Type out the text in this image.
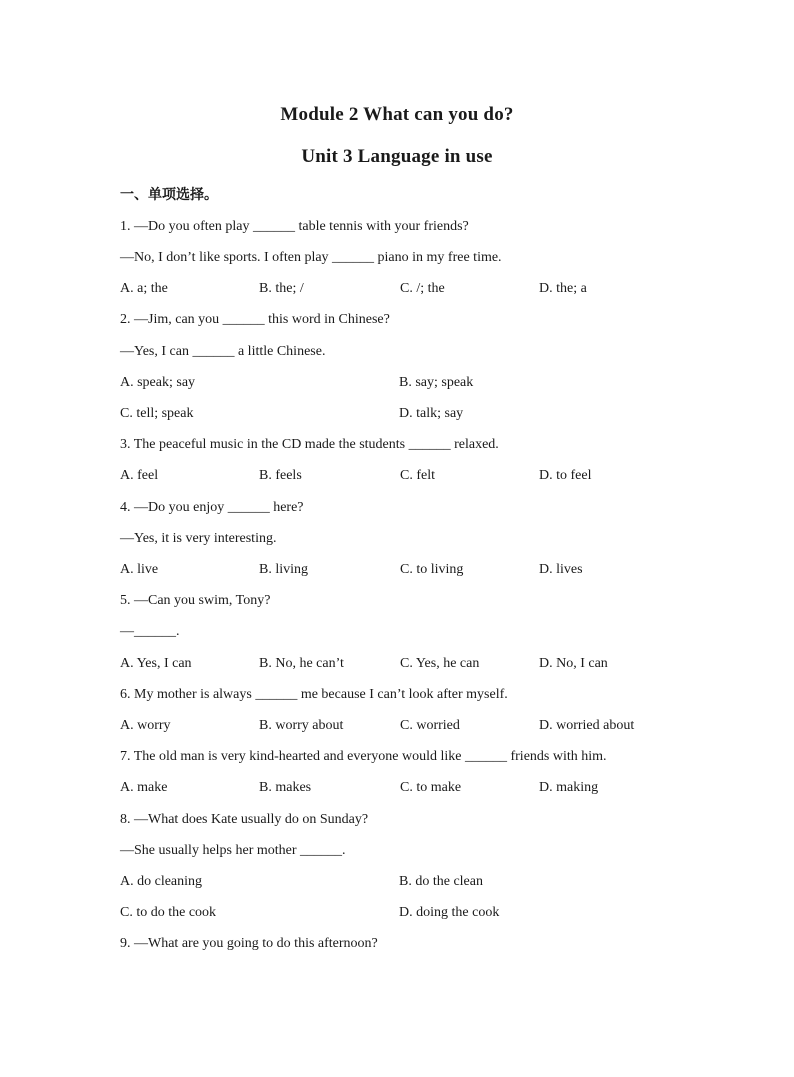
Module 2 What can you do?
Unit 3 Language in use
一、单项选择。
1. —Do you often play ______ table tennis with your friends?
—No, I don’t like sports. I often play ______ piano in my free time.
A. a; the	B. the; /	C. /; the	D. the; a
2. —Jim, can you ______ this word in Chinese?
—Yes, I can ______ a little Chinese.
A. speak; say	B. say; speak
C. tell; speak	D. talk; say
3. The peaceful music in the CD made the students ______ relaxed.
A. feel	B. feels	C. felt	D. to feel
4. —Do you enjoy ______ here?
—Yes, it is very interesting.
A. live	B. living	C. to living	D. lives
5. —Can you swim, Tony?
—______.
A. Yes, I can	B. No, he can’t	C. Yes, he can	D. No, I can
6. My mother is always ______ me because I can’t look after myself.
A. worry	B. worry about	C. worried	D. worried about
7. The old man is very kind-hearted and everyone would like ______ friends with him.
A. make	B. makes	C. to make	D. making
8. —What does Kate usually do on Sunday?
—She usually helps her mother ______.
A. do cleaning	B. do the clean
C. to do the cook	D. doing the cook
9. —What are you going to do this afternoon?
